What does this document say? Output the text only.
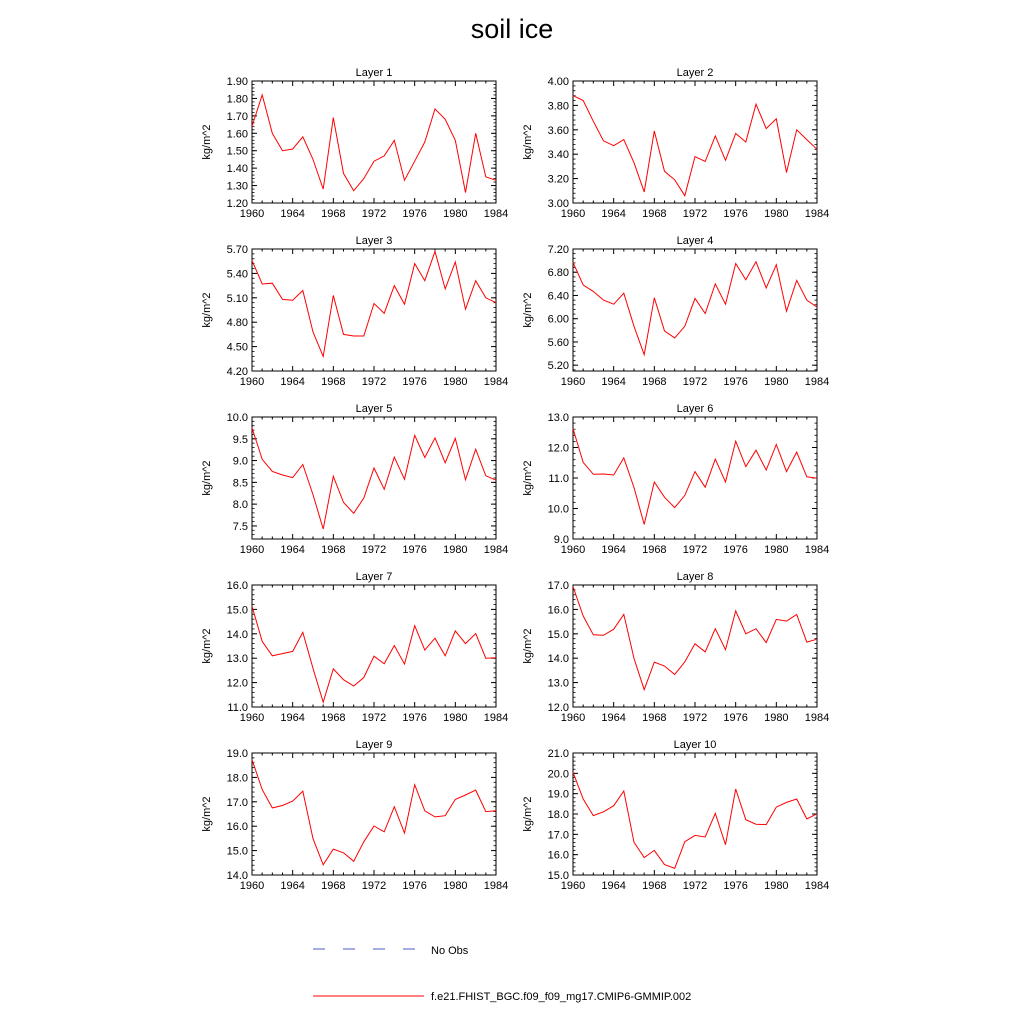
soil ice
Layer 1
kg/m^2
1960 1964 1968 1972 1976 1980 1984
1.20
1.30
1.40
1.50
1.60
1.70
1.80
1.90
Layer 2
kg/m^2
1960 1964 1968 1972 1976 1980 1984
3.00
3.20
3.40
3.60
3.80
4.00
Layer 3
kg/m^2
1960 1964 1968 1972 1976 1980 1984
4.20
4.50
4.80
5.10
5.40
5.70
Layer 4
kg/m^2
1960 1964 1968 1972 1976 1980 1984
5.20
5.60
6.00
6.40
6.80
7.20
Layer 5
kg/m^2
1960 1964 1968 1972 1976 1980 1984
7.5
8.0
8.5
9.0
9.5
10.0
Layer 6
kg/m^2
1960 1964 1968 1972 1976 1980 1984
9.0
10.0
11.0
12.0
13.0
Layer 7
kg/m^2
1960 1964 1968 1972 1976 1980 1984
11.0
12.0
13.0
14.0
15.0
16.0
Layer 8
kg/m^2
1960 1964 1968 1972 1976 1980 1984
12.0
13.0
14.0
15.0
16.0
17.0
Layer 9
kg/m^2
1960 1964 1968 1972 1976 1980 1984
14.0
15.0
16.0
17.0
18.0
19.0
Layer 10
kg/m^2
1960 1964 1968 1972 1976 1980 1984
15.0
16.0
17.0
18.0
19.0
20.0
21.0
No Obs
f.e21.FHIST_BGC.f09_f09_mg17.CMIP6-GMMIP.002
